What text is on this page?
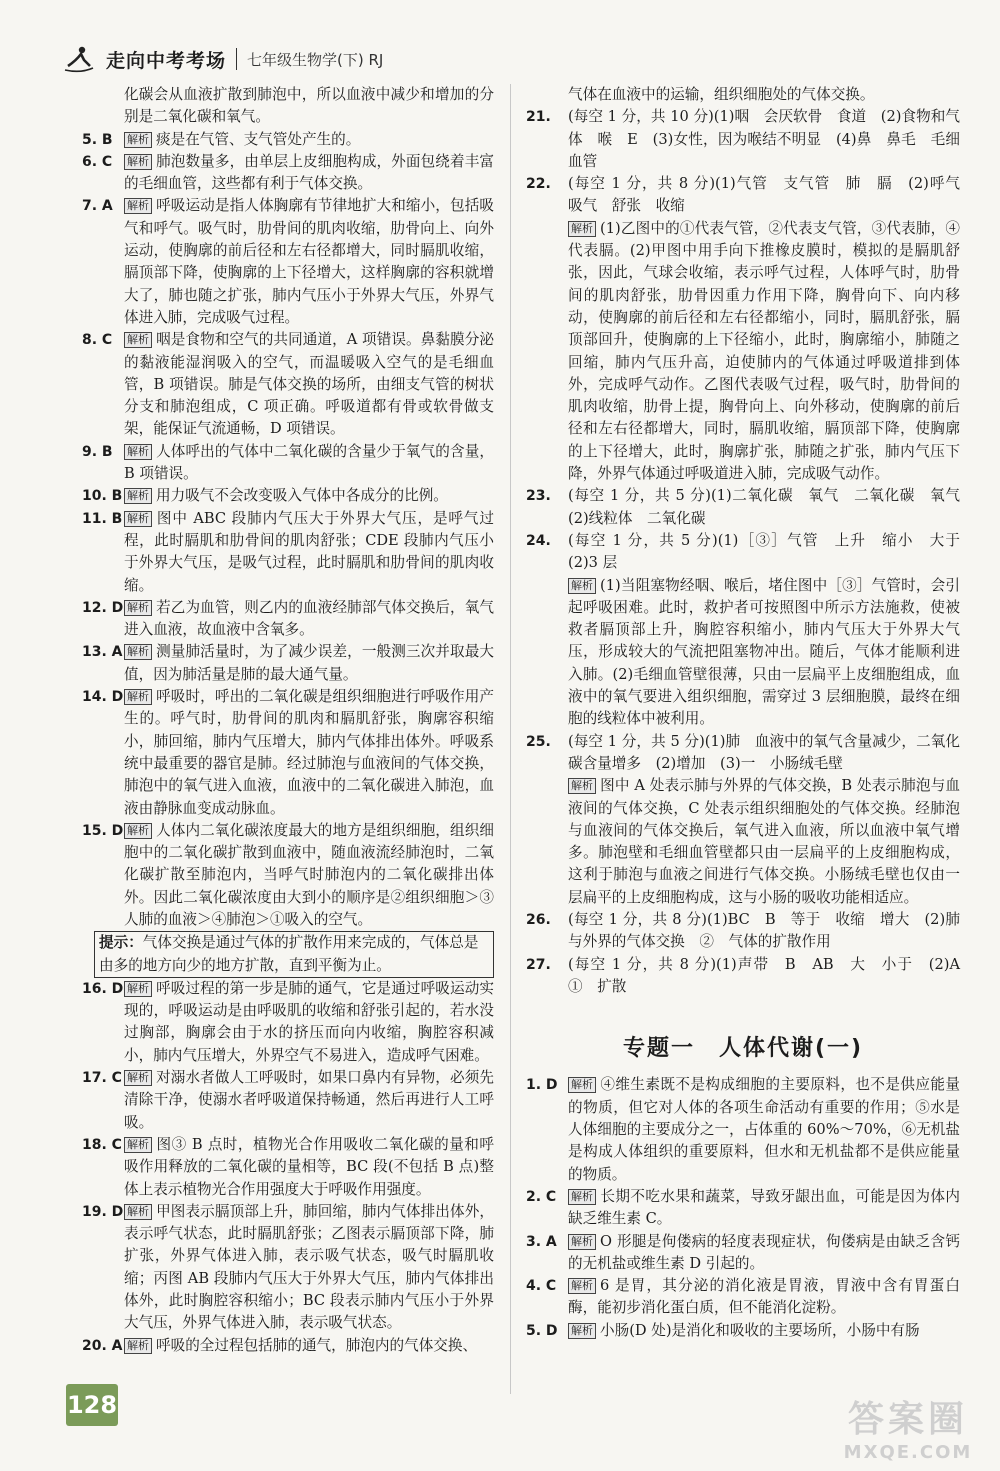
走向中考考场 七年级生物学(下) RJ
化碳会从血液扩散到肺泡中，所以血液中减少和增加的分别是二氧化碳和氧气。
5. B 解析 痰是在气管、支气管处产生的。
6. C 解析 肺泡数量多，由单层上皮细胞构成，外面包绕着丰富的毛细血管，这些都有利于气体交换。
7. A 解析 呼吸运动是指人体胸廓有节律地扩大和缩小，包括吸气和呼气。吸气时，肋骨间的肌肉收缩，肋骨向上、向外运动，使胸廓的前后径和左右径都增大，同时膈肌收缩，膈顶部下降，使胸廓的上下径增大，这样胸廓的容积就增大了，肺也随之扩张，肺内气压小于外界大气压，外界气体进入肺，完成吸气过程。
8. C 解析 咽是食物和空气的共同通道，A 项错误。鼻黏膜分泌的黏液能湿润吸入的空气，而温暖吸入空气的是毛细血管，B 项错误。肺是气体交换的场所，由细支气管的树状分支和肺泡组成，C 项正确。呼吸道都有骨或软骨做支架，能保证气流通畅，D 项错误。
9. B 解析 人体呼出的气体中二氧化碳的含量少于氧气的含量，B 项错误。
10. B 解析 用力吸气不会改变吸入气体中各成分的比例。
11. B 解析 图中 ABC 段肺内气压大于外界大气压，是呼气过程，此时膈肌和肋骨间的肌肉舒张；CDE 段肺内气压小于外界大气压，是吸气过程，此时膈肌和肋骨间的肌肉收缩。
12. D 解析 若乙为血管，则乙内的血液经肺部气体交换后，氧气进入血液，故血液中含氧多。
13. A 解析 测量肺活量时，为了减少误差，一般测三次并取最大值，因为肺活量是肺的最大通气量。
14. D 解析 呼吸时，呼出的二氧化碳是组织细胞进行呼吸作用产生的。呼气时，肋骨间的肌肉和膈肌舒张，胸廓容积缩小，肺回缩，肺内气压增大，肺内气体排出体外。呼吸系统中最重要的器官是肺。经过肺泡与血液间的气体交换，肺泡中的氧气进入血液，血液中的二氧化碳进入肺泡，血液由静脉血变成动脉血。
15. D 解析 人体内二氧化碳浓度最大的地方是组织细胞，组织细胞中的二氧化碳扩散到血液中，随血液流经肺泡时，二氧化碳扩散至肺泡内，当呼气时肺泡内的二氧化碳排出体外。因此二氧化碳浓度由大到小的顺序是②组织细胞＞③人肺的血液＞④肺泡＞①吸入的空气。
提示：气体交换是通过气体的扩散作用来完成的，气体总是由多的地方向少的地方扩散，直到平衡为止。
16. D 解析 呼吸过程的第一步是肺的通气，它是通过呼吸运动实现的，呼吸运动是由呼吸肌的收缩和舒张引起的，若水没过胸部，胸廓会由于水的挤压而向内收缩，胸腔容积减小，肺内气压增大，外界空气不易进入，造成呼气困难。
17. C 解析 对溺水者做人工呼吸时，如果口鼻内有异物，必须先清除干净，使溺水者呼吸道保持畅通，然后再进行人工呼吸。
18. C 解析 图③ B 点时，植物光合作用吸收二氧化碳的量和呼吸作用释放的二氧化碳的量相等，BC 段(不包括 B 点)整体上表示植物光合作用强度大于呼吸作用强度。
19. D 解析 甲图表示膈顶部上升，肺回缩，肺内气体排出体外，表示呼气状态，此时膈肌舒张；乙图表示膈顶部下降，肺扩张，外界气体进入肺，表示吸气状态，吸气时膈肌收缩；丙图 AB 段肺内气压大于外界大气压，肺内气体排出体外，此时胸腔容积缩小；BC 段表示肺内气压小于外界大气压，外界气体进入肺，表示吸气状态。
20. A 解析 呼吸的全过程包括肺的通气，肺泡内的气体交换、
气体在血液中的运输，组织细胞处的气体交换。
21. (每空 1 分，共 10 分)(1)咽　会厌软骨　食道　(2)食物和气体　喉　E　(3)女性，因为喉结不明显　(4)鼻　鼻毛　毛细血管
22. (每空 1 分，共 8 分)(1)气管　支气管　肺　膈　(2)呼气　吸气　舒张　收缩
解析 (1)乙图中的①代表气管，②代表支气管，③代表肺，④代表膈。(2)甲图中用手向下推橡皮膜时，模拟的是膈肌舒张，因此，气球会收缩，表示呼气过程，人体呼气时，肋骨间的肌肉舒张，肋骨因重力作用下降，胸骨向下、向内移动，使胸廓的前后径和左右径都缩小，同时，膈肌舒张，膈顶部回升，使胸廓的上下径缩小，此时，胸廓缩小，肺随之回缩，肺内气压升高，迫使肺内的气体通过呼吸道排到体外，完成呼气动作。乙图代表吸气过程，吸气时，肋骨间的肌肉收缩，肋骨上提，胸骨向上、向外移动，使胸廓的前后径和左右径都增大，同时，膈肌收缩，膈顶部下降，使胸廓的上下径增大，此时，胸廓扩张，肺随之扩张，肺内气压下降，外界气体通过呼吸道进入肺，完成吸气动作。
23. (每空 1 分，共 5 分)(1)二氧化碳　氧气　二氧化碳　氧气　(2)线粒体　二氧化碳
24. (每空 1 分，共 5 分)(1)［③］气管　上升　缩小　大于　(2)3 层
解析 (1)当阻塞物经咽、喉后，堵住图中［③］气管时，会引起呼吸困难。此时，救护者可按照图中所示方法施救，使被救者膈顶部上升，胸腔容积缩小，肺内气压大于外界大气压，形成较大的气流把阻塞物冲出。随后，气体才能顺利进入肺。(2)毛细血管壁很薄，只由一层扁平上皮细胞组成，血液中的氧气要进入组织细胞，需穿过 3 层细胞膜，最终在细胞的线粒体中被利用。
25. (每空 1 分，共 5 分)(1)肺　血液中的氧气含量减少，二氧化碳含量增多　(2)增加　(3)一　小肠绒毛壁
解析 图中 A 处表示肺与外界的气体交换，B 处表示肺泡与血液间的气体交换，C 处表示组织细胞处的气体交换。经肺泡与血液间的气体交换后，氧气进入血液，所以血液中氧气增多。肺泡壁和毛细血管壁都只由一层扁平的上皮细胞构成，这利于肺泡与血液之间进行气体交换。小肠绒毛壁也仅由一层扁平的上皮细胞构成，这与小肠的吸收功能相适应。
26. (每空 1 分，共 8 分)(1)BC　B　等于　收缩　增大　(2)肺与外界的气体交换　②　气体的扩散作用
27. (每空 1 分，共 8 分)(1)声带　B　AB　大　小于　(2)A　①　扩散
专题一　人体代谢(一)
1. D 解析 ④维生素既不是构成细胞的主要原料，也不是供应能量的物质，但它对人体的各项生命活动有重要的作用；⑤水是人体细胞的主要成分之一，占体重的 60%～70%，⑥无机盐是构成人体组织的重要原料，但水和无机盐都不是供应能量的物质。
2. C 解析 长期不吃水果和蔬菜，导致牙龈出血，可能是因为体内缺乏维生素 C。
3. A 解析 O 形腿是佝偻病的轻度表现症状，佝偻病是由缺乏含钙的无机盐或维生素 D 引起的。
4. C 解析 6 是胃，其分泌的消化液是胃液，胃液中含有胃蛋白酶，能初步消化蛋白质，但不能消化淀粉。
5. D 解析 小肠(D 处)是消化和吸收的主要场所，小肠中有肠
128	答案圈
MXQE.COM
